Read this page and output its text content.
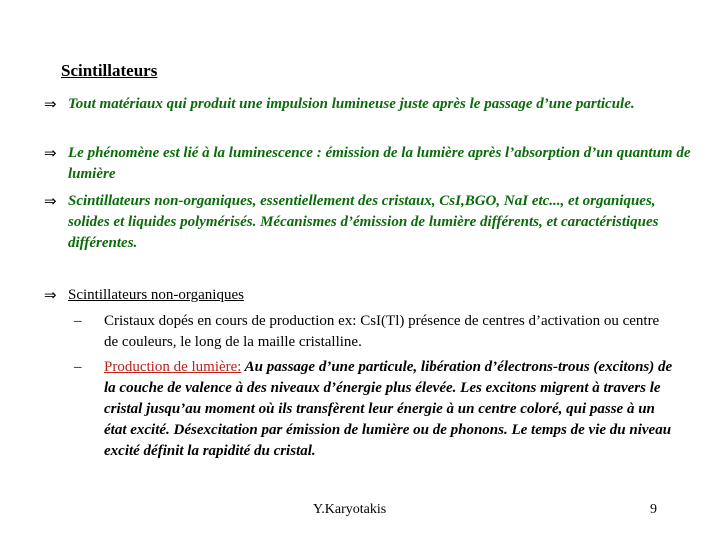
Scintillateurs
⇒ Tout matériaux qui produit une impulsion lumineuse juste après le passage d’une particule.
⇒ Le phénomène est lié à la luminescence : émission de la lumière après l’absorption d’un quantum de lumière
⇒ Scintillateurs non-organiques, essentiellement des cristaux, CsI,BGO, NaI etc..., et organiques, solides et liquides polymérisés. Mécanismes d’émission de lumière différents, et caractéristiques différentes.
⇒ Scintillateurs non-organiques
– Cristaux dopés en cours de production ex: CsI(Tl) présence de centres d’activation ou centre de couleurs, le long de la maille cristalline.
– Production de lumière: Au passage d’une particule, libération d’électrons-trous (excitons) de la couche de valence à des niveaux d’énergie plus élevée. Les excitons migrent à travers le cristal jusqu’au moment où ils transfèrent leur énergie à un centre coloré, qui passe à un état excité. Désexcitation par émission de lumière ou de phonons. Le temps de vie du niveau excité définit la rapidité du cristal.
Y.Karyotakis	9
